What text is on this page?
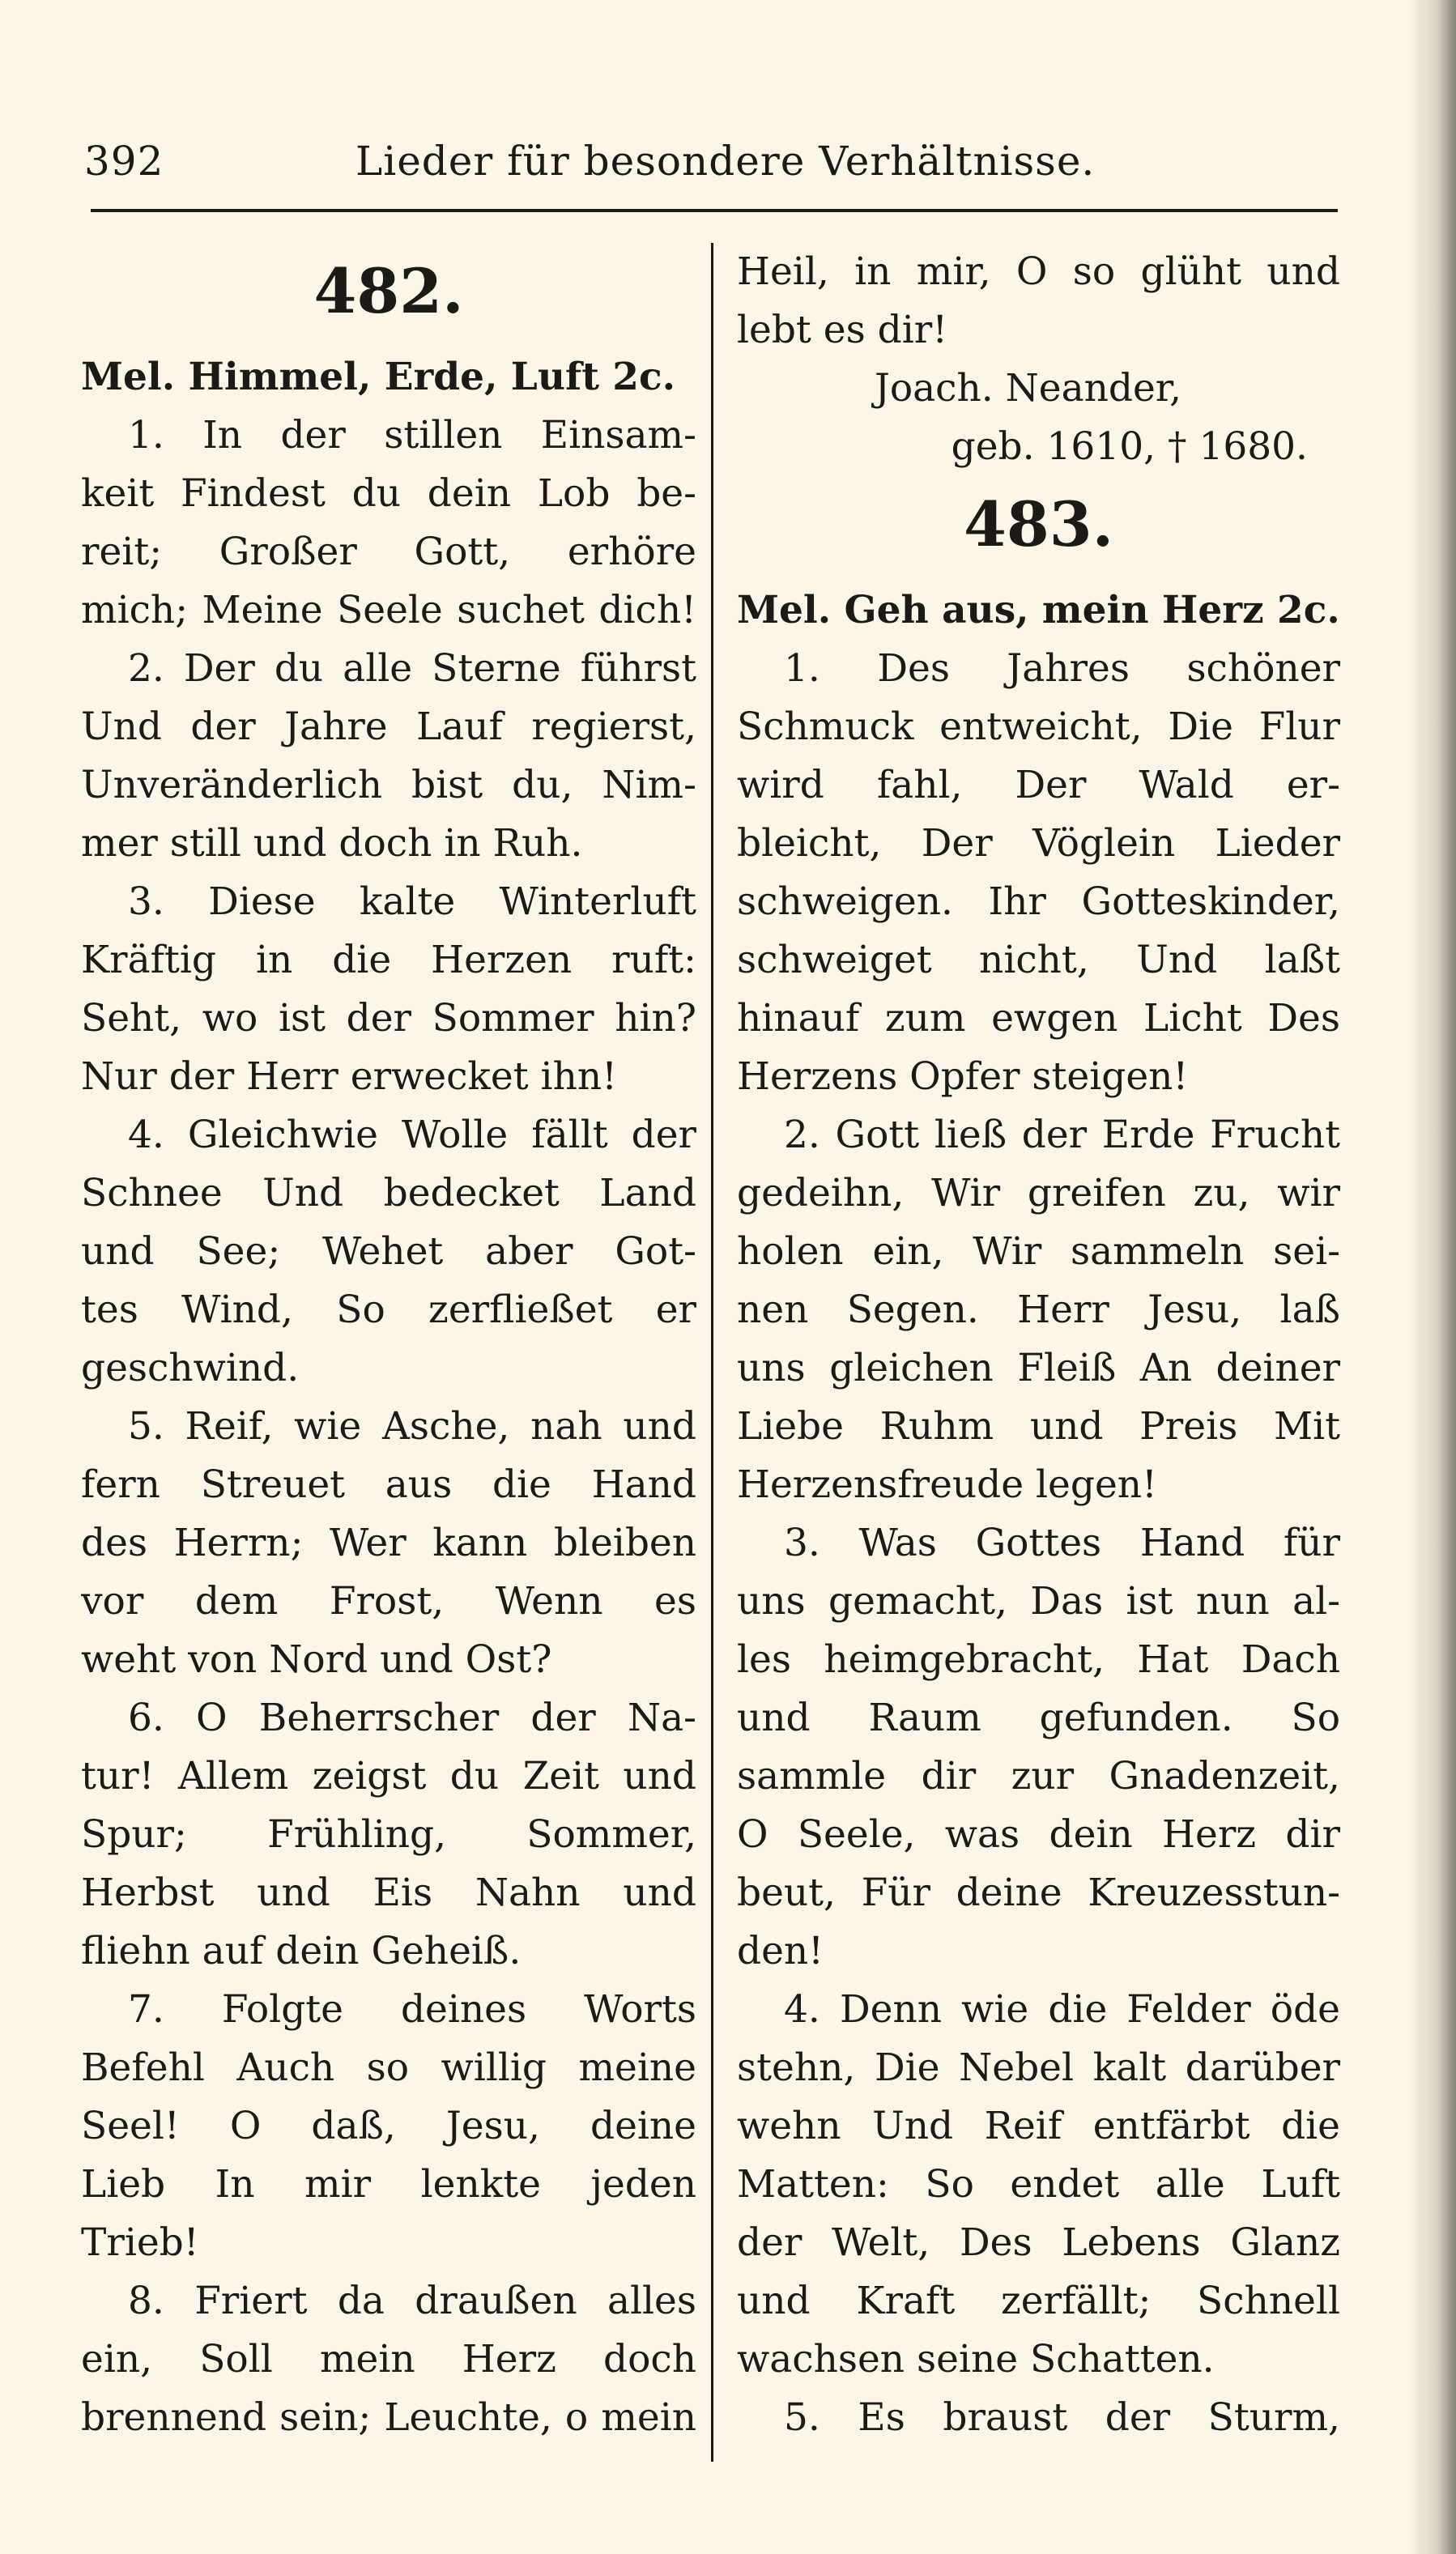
392	Lieder für besondere Verhältnisse.
482.
Mel. Himmel, Erde, Luft 2c.
1. In der stillen Einsam-
keit Findest du dein Lob be-
reit; Großer Gott, erhöre
mich; Meine Seele suchet dich!
2. Der du alle Sterne führst
Und der Jahre Lauf regierst,
Unveränderlich bist du, Nim-
mer still und doch in Ruh.
3. Diese kalte Winterluft
Kräftig in die Herzen ruft:
Seht, wo ist der Sommer hin?
Nur der Herr erwecket ihn!
4. Gleichwie Wolle fällt der
Schnee Und bedecket Land
und See; Wehet aber Got-
tes Wind, So zerfließet er
geschwind.
5. Reif, wie Asche, nah und
fern Streuet aus die Hand
des Herrn; Wer kann bleiben
vor dem Frost, Wenn es
weht von Nord und Ost?
6. O Beherrscher der Na-
tur! Allem zeigst du Zeit und
Spur; Frühling, Sommer,
Herbst und Eis Nahn und
fliehn auf dein Geheiß.
7. Folgte deines Worts
Befehl Auch so willig meine
Seel! O daß, Jesu, deine
Lieb In mir lenkte jeden
Trieb!
8. Friert da draußen alles
ein, Soll mein Herz doch
brennend sein; Leuchte, o mein
Heil, in mir, O so glüht und
lebt es dir!
Joach. Neander,
geb. 1610, † 1680.
483.
Mel. Geh aus, mein Herz 2c.
1. Des Jahres schöner
Schmuck entweicht, Die Flur
wird fahl, Der Wald er-
bleicht, Der Vöglein Lieder
schweigen. Ihr Gotteskinder,
schweiget nicht, Und laßt
hinauf zum ewgen Licht Des
Herzens Opfer steigen!
2. Gott ließ der Erde Frucht
gedeihn, Wir greifen zu, wir
holen ein, Wir sammeln sei-
nen Segen. Herr Jesu, laß
uns gleichen Fleiß An deiner
Liebe Ruhm und Preis Mit
Herzensfreude legen!
3. Was Gottes Hand für
uns gemacht, Das ist nun al-
les heimgebracht, Hat Dach
und Raum gefunden. So
sammle dir zur Gnadenzeit,
O Seele, was dein Herz dir
beut, Für deine Kreuzesstun-
den!
4. Denn wie die Felder öde
stehn, Die Nebel kalt darüber
wehn Und Reif entfärbt die
Matten: So endet alle Luft
der Welt, Des Lebens Glanz
und Kraft zerfällt; Schnell
wachsen seine Schatten.
5. Es braust der Sturm,
